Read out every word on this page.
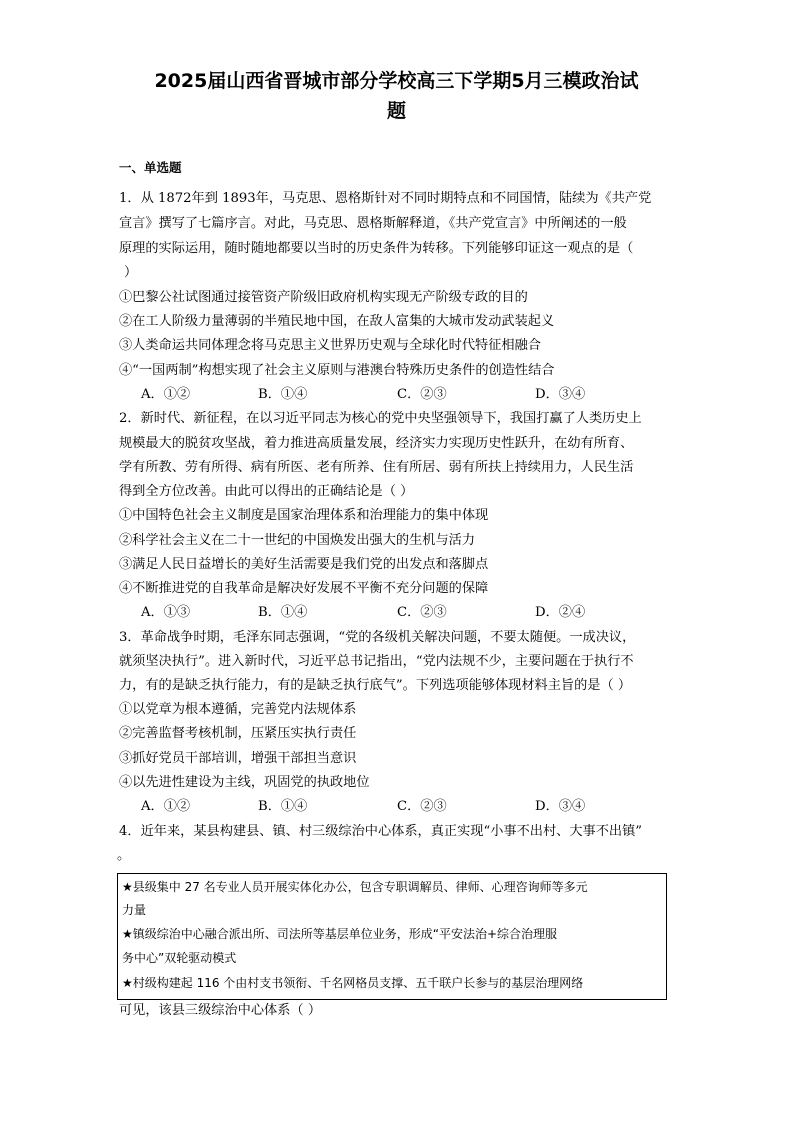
2025届山西省晋城市部分学校高三下学期5月三模政治试
题
一、单选题
1．从 1872年到 1893年，马克思、恩格斯针对不同时期特点和不同国情，陆续为《共产党
宣言》撰写了七篇序言。对此，马克思、恩格斯解释道，《共产党宣言》中所阐述的一般
原理的实际运用，随时随地都要以当时的历史条件为转移。下列能够印证这一观点的是（
）
①巴黎公社试图通过接管资产阶级旧政府机构实现无产阶级专政的目的
②在工人阶级力量薄弱的半殖民地中国，在敌人富集的大城市发动武装起义
③人类命运共同体理念将马克思主义世界历史观与全球化时代特征相融合
④“一国两制”构想实现了社会主义原则与港澳台特殊历史条件的创造性结合
A．①②	B．①④	C．②③	D．③④
2．新时代、新征程，在以习近平同志为核心的党中央坚强领导下，我国打赢了人类历史上
规模最大的脱贫攻坚战，着力推进高质量发展，经济实力实现历史性跃升，在幼有所育、
学有所教、劳有所得、病有所医、老有所养、住有所居、弱有所扶上持续用力，人民生活
得到全方位改善。由此可以得出的正确结论是（ ）
①中国特色社会主义制度是国家治理体系和治理能力的集中体现
②科学社会主义在二十一世纪的中国焕发出强大的生机与活力
③满足人民日益增长的美好生活需要是我们党的出发点和落脚点
④不断推进党的自我革命是解决好发展不平衡不充分问题的保障
A．①③	B．①④	C．②③	D．②④
3．革命战争时期，毛泽东同志强调，“党的各级机关解决问题，不要太随便。一成决议，
就须坚决执行”。进入新时代，习近平总书记指出，“党内法规不少，主要问题在于执行不
力，有的是缺乏执行能力，有的是缺乏执行底气”。下列选项能够体现材料主旨的是（ ）
①以党章为根本遵循，完善党内法规体系
②完善监督考核机制，压紧压实执行责任
③抓好党员干部培训，增强干部担当意识
④以先进性建设为主线，巩固党的执政地位
A．①②	B．①④	C．②③	D．③④
4．近年来，某县构建县、镇、村三级综治中心体系，真正实现“小事不出村、大事不出镇”
。
★县级集中 27 名专业人员开展实体化办公，包含专职调解员、律师、心理咨询师等多元
力量
★镇级综治中心融合派出所、司法所等基层单位业务，形成“平安法治+综合治理服
务中心”双轮驱动模式
★村级构建起 116 个由村支书领衔、千名网格员支撑、五千联户长参与的基层治理网络
可见，该县三级综治中心体系（ ）
